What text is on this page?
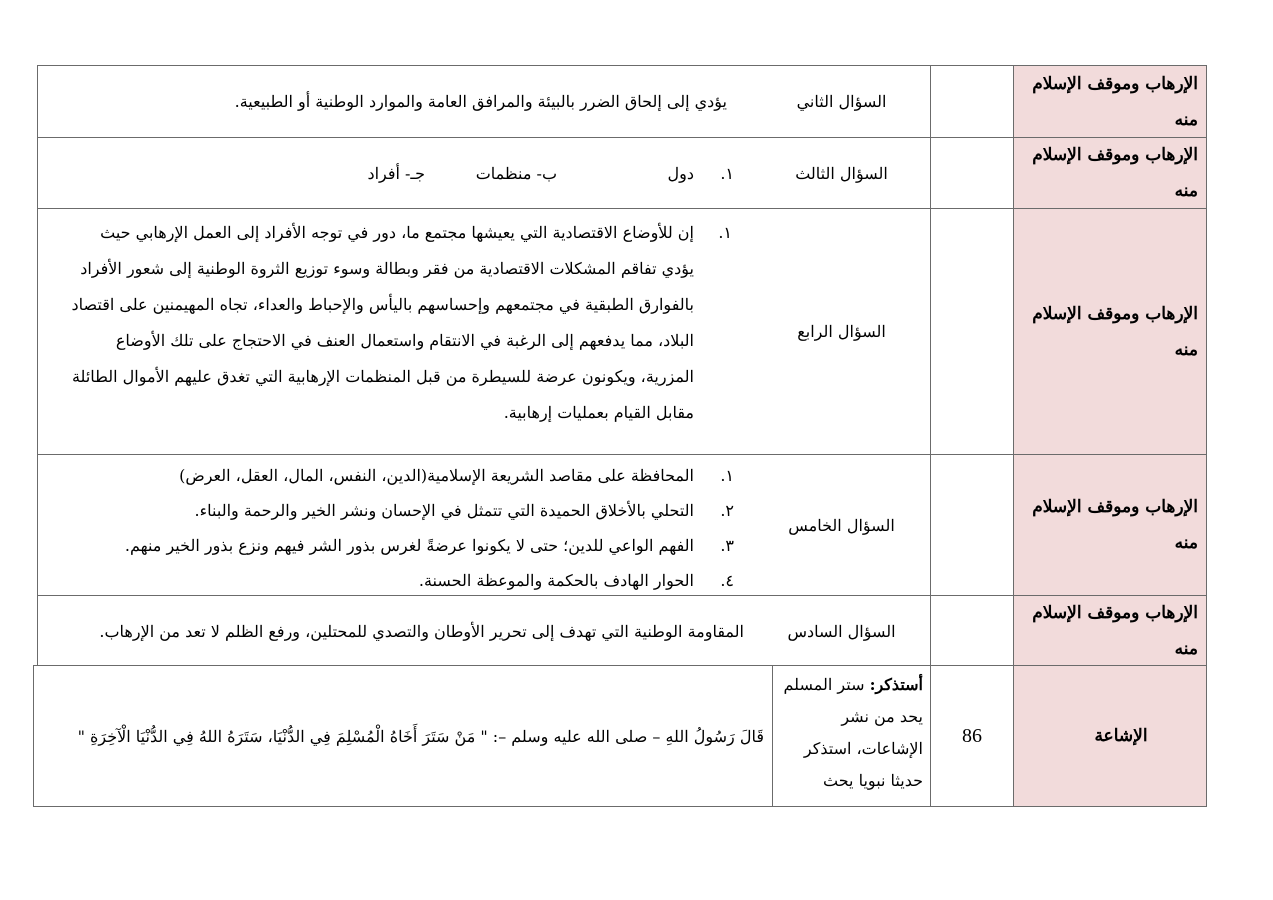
الإرهاب وموقف الإسلام منه
السؤال الثاني

يؤدي إلى إلحاق الضرر بالبيئة والمرافق العامة والموارد الوطنية أو الطبيعية.

الإرهاب وموقف الإسلام منه
السؤال الثالث
١.
دول
ب- منظمات
جـ- أفراد
الإرهاب وموقف الإسلام منه
السؤال الرابع
١.

إن للأوضاع الاقتصادية التي يعيشها مجتمع ما، دور في توجه الأفراد إلى العمل الإرهابي حيث

يؤدي تفاقم المشكلات الاقتصادية من فقر وبطالة وسوء توزيع الثروة الوطنية إلى شعور الأفراد

بالفوارق الطبقية في مجتمعهم وإحساسهم باليأس والإحباط والعداء، تجاه المهيمنين على اقتصاد

البلاد، مما يدفعهم إلى الرغبة في الانتقام واستعمال العنف في الاحتجاج على تلك الأوضاع

المزرية، ويكونون عرضة للسيطرة من قبل المنظمات الإرهابية التي تغدق عليهم الأموال الطائلة

مقابل القيام بعمليات إرهابية.

الإرهاب وموقف الإسلام منه
السؤال الخامس

١.
المحافظة على مقاصد الشريعة الإسلامية(الدين، النفس، المال، العقل، العرض)

٢.
التحلي بالأخلاق الحميدة التي تتمثل في الإحسان ونشر الخير والرحمة والبناء.

٣.
الفهم الواعي للدين؛ حتى لا يكونوا عرضةً لغرس بذور الشر فيهم ونزع بذور الخير منهم.

٤.
الحوار الهادف بالحكمة والموعظة الحسنة.

الإرهاب وموقف الإسلام منه
السؤال السادس

المقاومة الوطنية التي تهدف إلى تحرير الأوطان والتصدي للمحتلين، ورفع الظلم لا تعد من الإرهاب.

الإشاعة
86
أستذكر: ستر المسلم
يحد من نشر
الإشاعات، استذكر
حديثا نبويا يحث

قَالَ رَسُولُ اللهِ – صلى الله عليه وسلم –: " مَنْ سَتَرَ أَخَاهُ الْمُسْلِمَ فِي الدُّنْيَا، سَتَرَهُ اللهُ فِي الدُّنْيَا الْآخِرَةِ "
